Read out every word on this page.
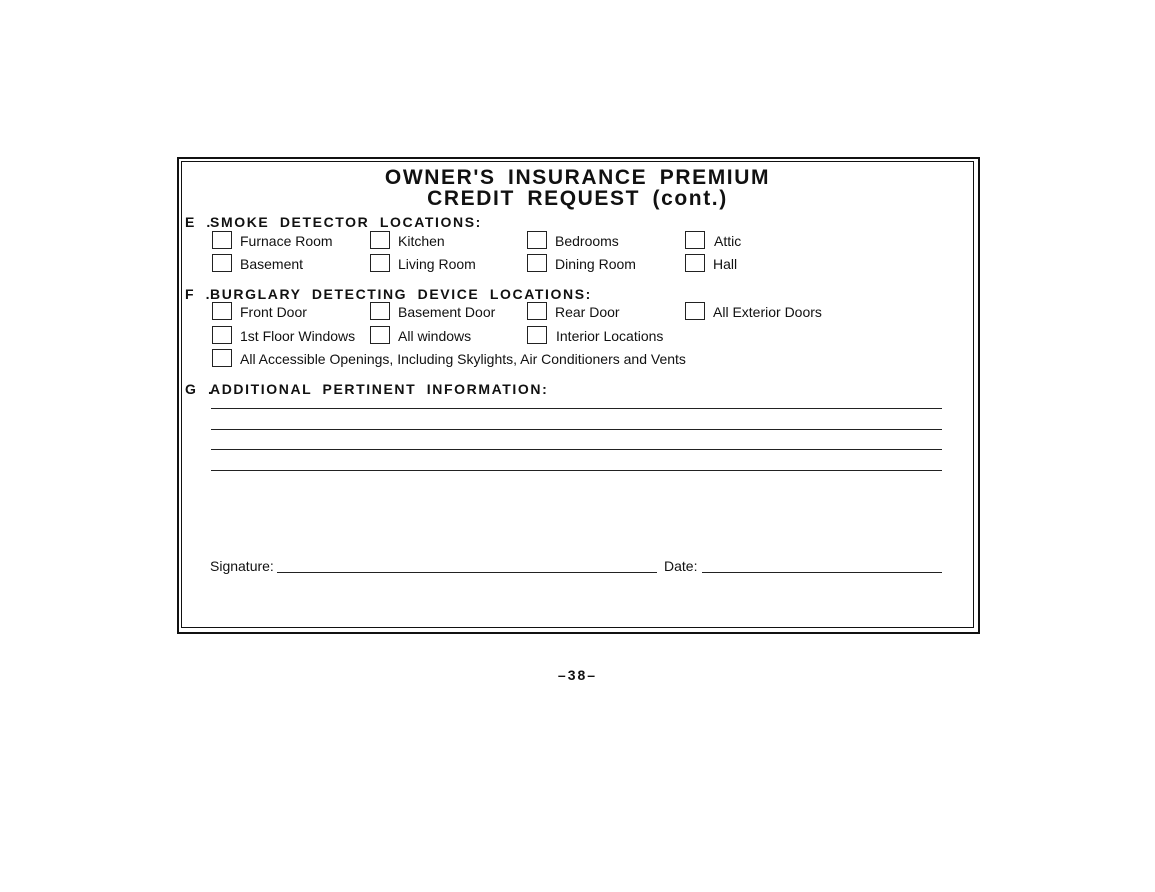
OWNER'S INSURANCE PREMIUM
CREDIT REQUEST (cont.)
E .SMOKE DETECTOR LOCATIONS:
Furnace Room	Kitchen	Bedrooms	Attic
Basement	Living Room	Dining Room	Hall
F .BURGLARY DETECTING DEVICE LOCATIONS:
Front Door	Basement Door	Rear Door	All Exterior Doors
1st Floor Windows	All windows	Interior Locations
All Accessible Openings, Including Skylights, Air Conditioners and Vents
G .ADDITIONAL PERTINENT INFORMATION:
Signature:	Date:
–38–
